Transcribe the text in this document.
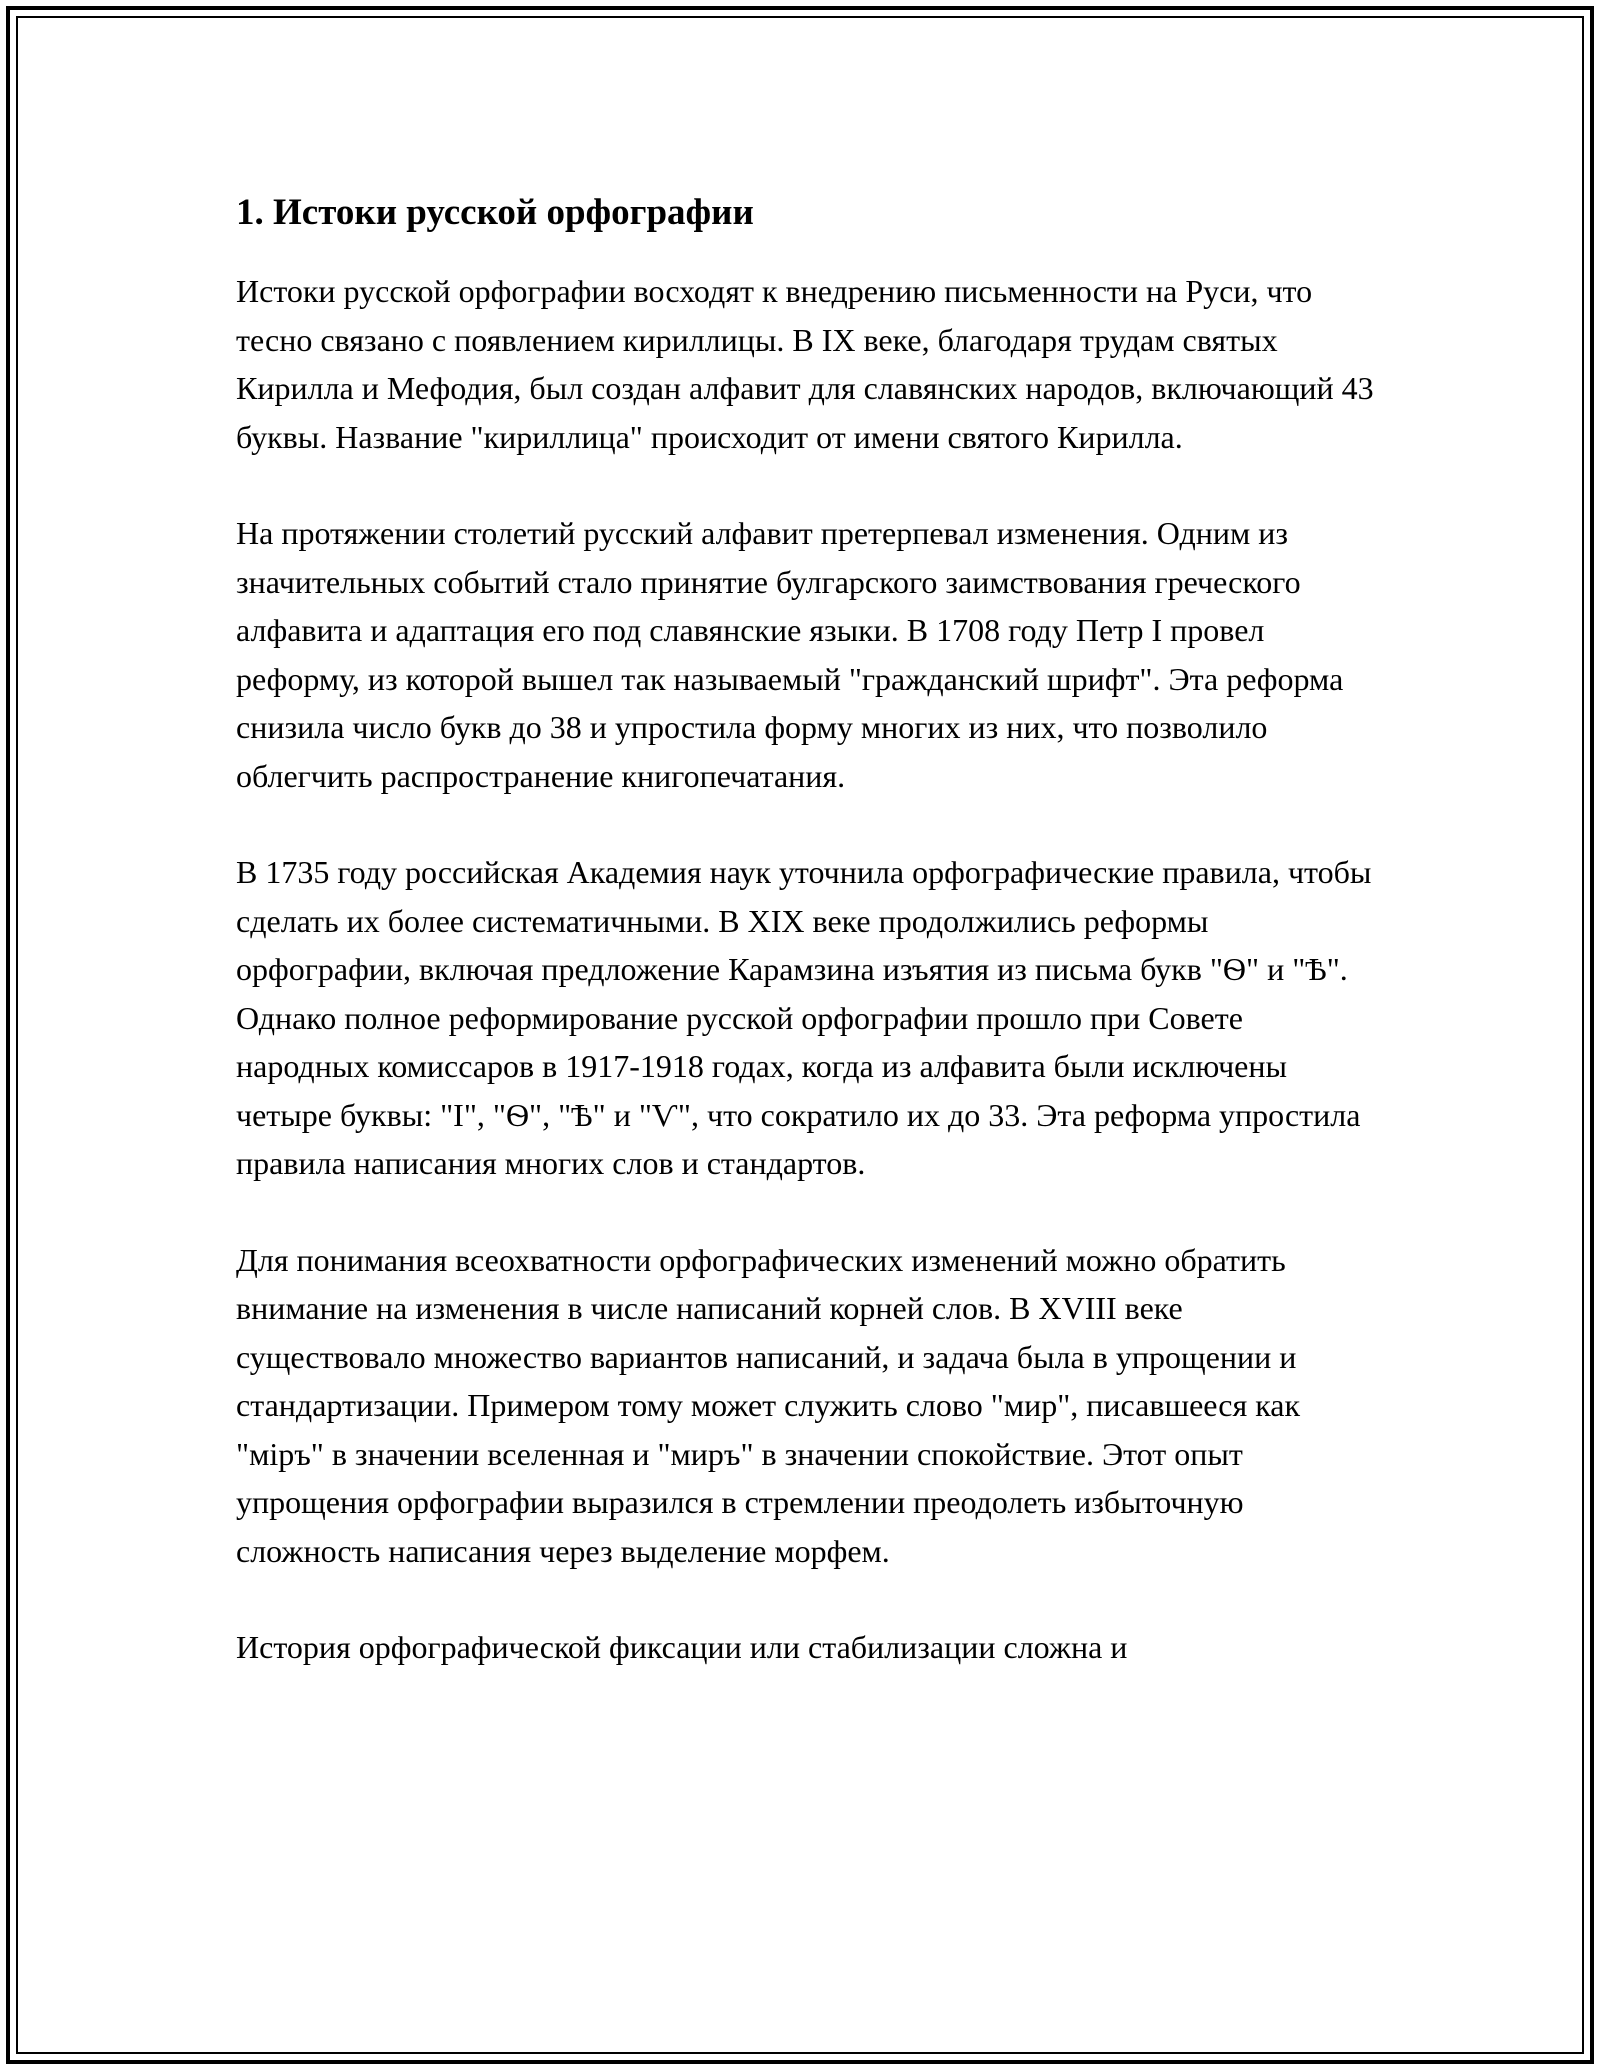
1. Истоки русской орфографии

Истоки русской орфографии восходят к внедрению письменности на Руси, что тесно связано с появлением кириллицы. В IX веке, благодаря трудам святых Кирилла и Мефодия, был создан алфавит для славянских народов, включающий 43 буквы. Название "кириллица" происходит от имени святого Кирилла.

На протяжении столетий русский алфавит претерпевал изменения. Одним из значительных событий стало принятие булгарского заимствования греческого алфавита и адаптация его под славянские языки. В 1708 году Петр I провел реформу, из которой вышел так называемый "гражданский шрифт". Эта реформа снизила число букв до 38 и упростила форму многих из них, что позволило облегчить распространение книгопечатания.

В 1735 году российская Академия наук уточнила орфографические правила, чтобы сделать их более систематичными. В XIX веке продолжились реформы орфографии, включая предложение Карамзина изъятия из письма букв "Ѳ" и "Ѣ". Однако полное реформирование русской орфографии прошло при Совете народных комиссаров в 1917-1918 годах, когда из алфавита были исключены четыре буквы: "І", "Ѳ", "Ѣ" и "Ѵ", что сократило их до 33. Эта реформа упростила правила написания многих слов и стандартов.

Для понимания всеохватности орфографических изменений можно обратить внимание на изменения в числе написаний корней слов. В XVIII веке существовало множество вариантов написаний, и задача была в упрощении и стандартизации. Примером тому может служить слово "мир", писавшееся как "міръ" в значении вселенная и "миръ" в значении спокойствие. Этот опыт упрощения орфографии выразился в стремлении преодолеть избыточную сложность написания через выделение морфем.

История орфографической фиксации или стабилизации сложна и
